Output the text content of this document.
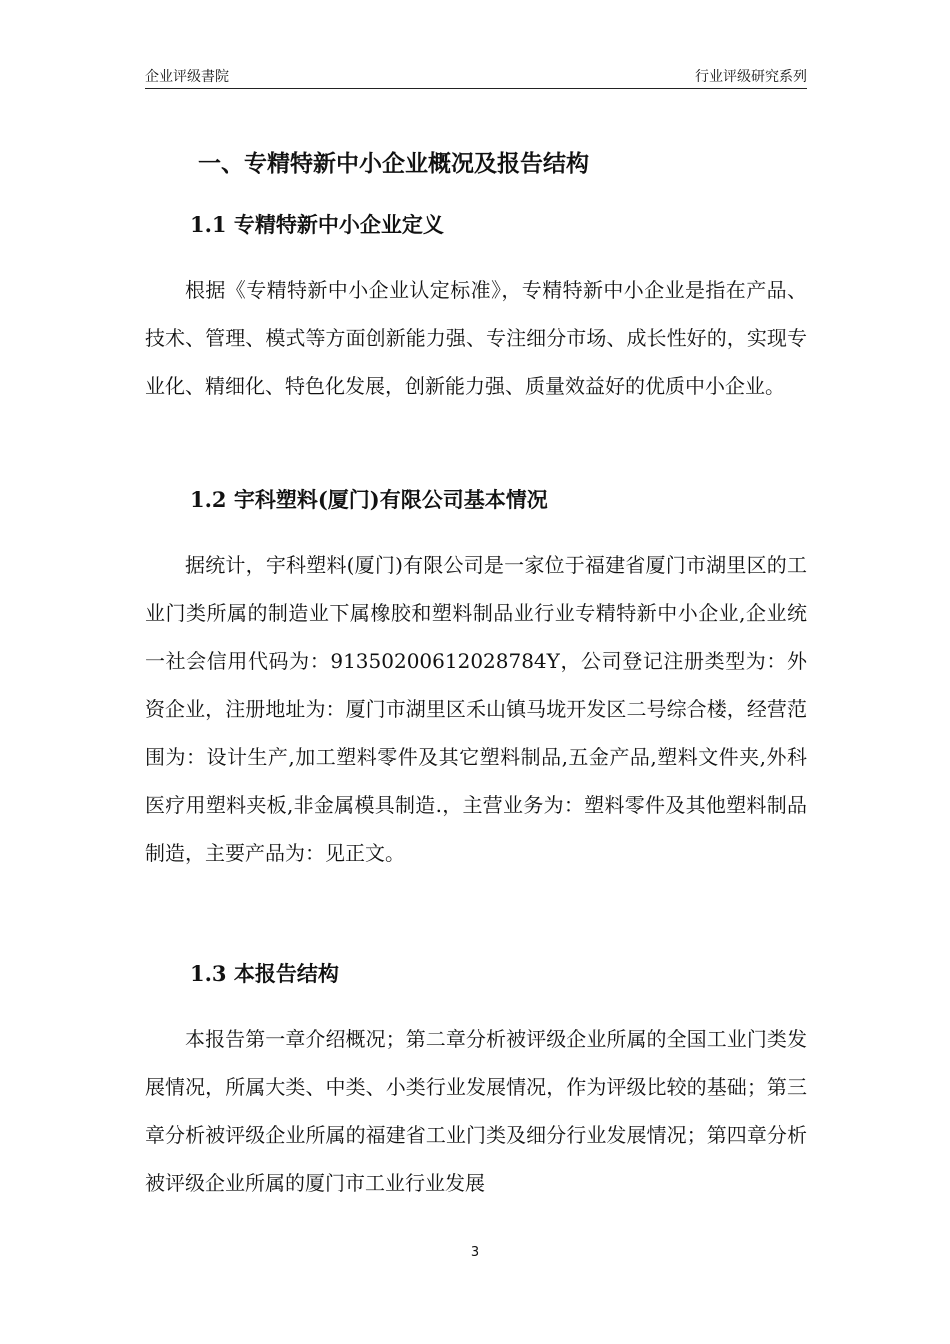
企业评级書院	行业评级研究系列
一、专精特新中小企业概况及报告结构
1.1 专精特新中小企业定义

根据《专精特新中小企业认定标准》，专精特新中小企业是指在产品、技术、管理、模式等方面创新能力强、专注细分市场、成长性好的，实现专业化、精细化、特色化发展，创新能力强、质量效益好的优质中小企业。

1.2 宇科塑料(厦门)有限公司基本情况

据统计，宇科塑料(厦门)有限公司是一家位于福建省厦门市湖里区的工业门类所属的制造业下属橡胶和塑料制品业行业专精特新中小企业,企业统一社会信用代码为：91350200612028784Y，公司登记注册类型为：外资企业，注册地址为：厦门市湖里区禾山镇马垅开发区二号综合楼，经营范围为：设计生产,加工塑料零件及其它塑料制品,五金产品,塑料文件夹,外科医疗用塑料夹板,非金属模具制造.，主营业务为：塑料零件及其他塑料制品制造，主要产品为：见正文。

1.3 本报告结构

本报告第一章介绍概况；第二章分析被评级企业所属的全国工业门类发展情况，所属大类、中类、小类行业发展情况，作为评级比较的基础；第三章分析被评级企业所属的福建省工业门类及细分行业发展情况；第四章分析被评级企业所属的厦门市工业行业发展

3
